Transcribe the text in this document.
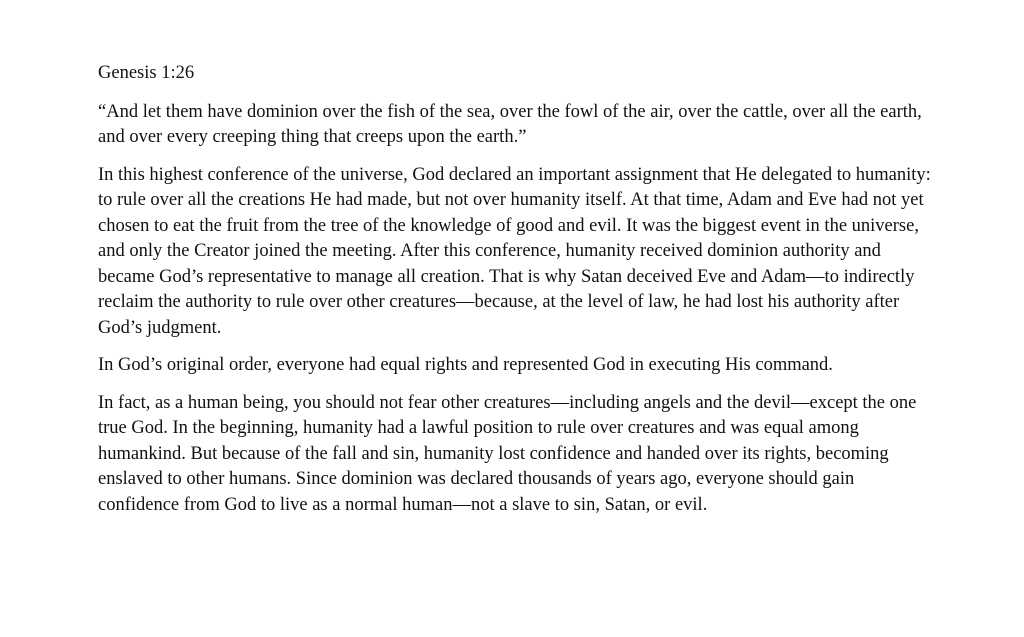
Genesis 1:26

“And let them have dominion over the fish of the sea, over the fowl of the air, over the cattle, over all the earth, and over every creeping thing that creeps upon the earth.”

In this highest conference of the universe, God declared an important assignment that He delegated to humanity: to rule over all the creations He had made, but not over humanity itself. At that time, Adam and Eve had not yet chosen to eat the fruit from the tree of the knowledge of good and evil. It was the biggest event in the universe, and only the Creator joined the meeting. After this conference, humanity received dominion authority and became God’s representative to manage all creation. That is why Satan deceived Eve and Adam—to indirectly reclaim the authority to rule over other creatures—because, at the level of law, he had lost his authority after God’s judgment.

In God’s original order, everyone had equal rights and represented God in executing His command.

In fact, as a human being, you should not fear other creatures—including angels and the devil—except the one true God. In the beginning, humanity had a lawful position to rule over creatures and was equal among humankind. But because of the fall and sin, humanity lost confidence and handed over its rights, becoming enslaved to other humans. Since dominion was declared thousands of years ago, everyone should gain confidence from God to live as a normal human—not a slave to sin, Satan, or evil.
